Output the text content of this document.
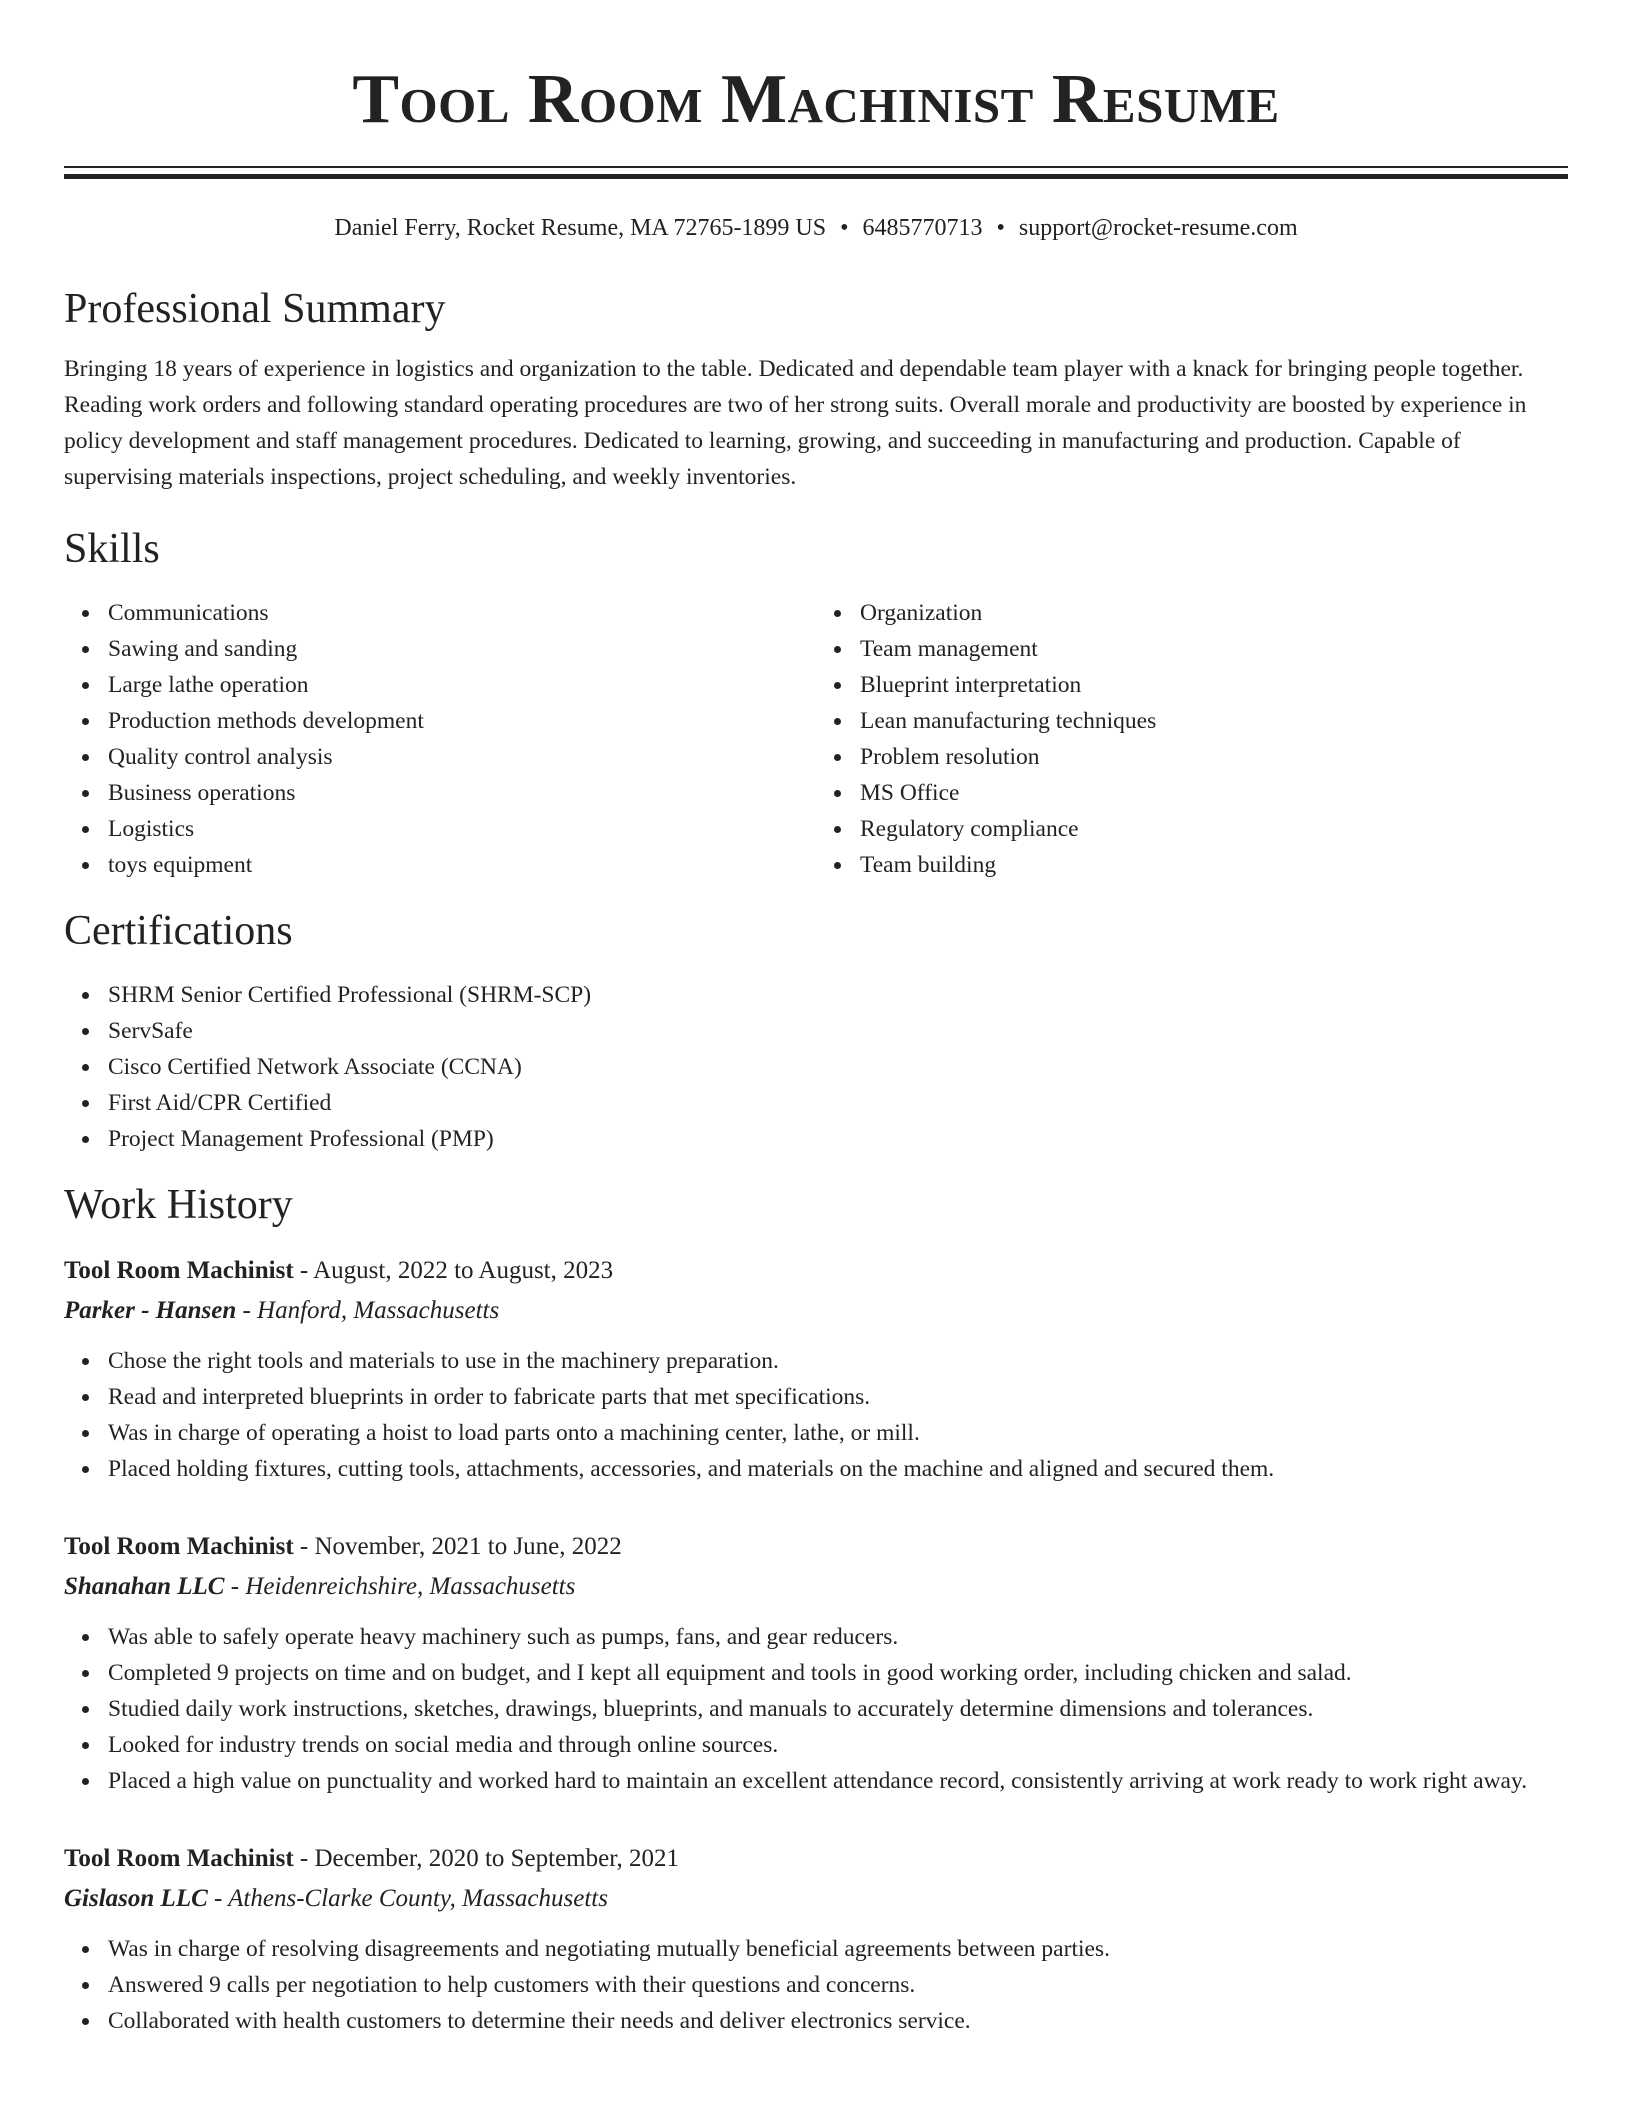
Tool Room Machinist Resume
Daniel Ferry, Rocket Resume, MA 72765-1899 US • 6485770713 • support@rocket-resume.com
Professional Summary

Bringing 18 years of experience in logistics and organization to the table. Dedicated and dependable team player with a knack for bringing people together. Reading work orders and following standard operating procedures are two of her strong suits. Overall morale and productivity are boosted by experience in policy development and staff management procedures. Dedicated to learning, growing, and succeeding in manufacturing and production. Capable of supervising materials inspections, project scheduling, and weekly inventories.

Skills
Communications
Sawing and sanding
Large lathe operation
Production methods development
Quality control analysis
Business operations
Logistics
toys equipment
Organization
Team management
Blueprint interpretation
Lean manufacturing techniques
Problem resolution
MS Office
Regulatory compliance
Team building
Certifications
SHRM Senior Certified Professional (SHRM-SCP)
ServSafe
Cisco Certified Network Associate (CCNA)
First Aid/CPR Certified
Project Management Professional (PMP)
Work History
Tool Room Machinist - August, 2022 to August, 2023
Parker - Hansen - Hanford, Massachusetts
Chose the right tools and materials to use in the machinery preparation.
Read and interpreted blueprints in order to fabricate parts that met specifications.
Was in charge of operating a hoist to load parts onto a machining center, lathe, or mill.
Placed holding fixtures, cutting tools, attachments, accessories, and materials on the machine and aligned and secured them.
Tool Room Machinist - November, 2021 to June, 2022
Shanahan LLC - Heidenreichshire, Massachusetts
Was able to safely operate heavy machinery such as pumps, fans, and gear reducers.
Completed 9 projects on time and on budget, and I kept all equipment and tools in good working order, including chicken and salad.
Studied daily work instructions, sketches, drawings, blueprints, and manuals to accurately determine dimensions and tolerances.
Looked for industry trends on social media and through online sources.
Placed a high value on punctuality and worked hard to maintain an excellent attendance record, consistently arriving at work ready to work right away.
Tool Room Machinist - December, 2020 to September, 2021
Gislason LLC - Athens-Clarke County, Massachusetts
Was in charge of resolving disagreements and negotiating mutually beneficial agreements between parties.
Answered 9 calls per negotiation to help customers with their questions and concerns.
Collaborated with health customers to determine their needs and deliver electronics service.
